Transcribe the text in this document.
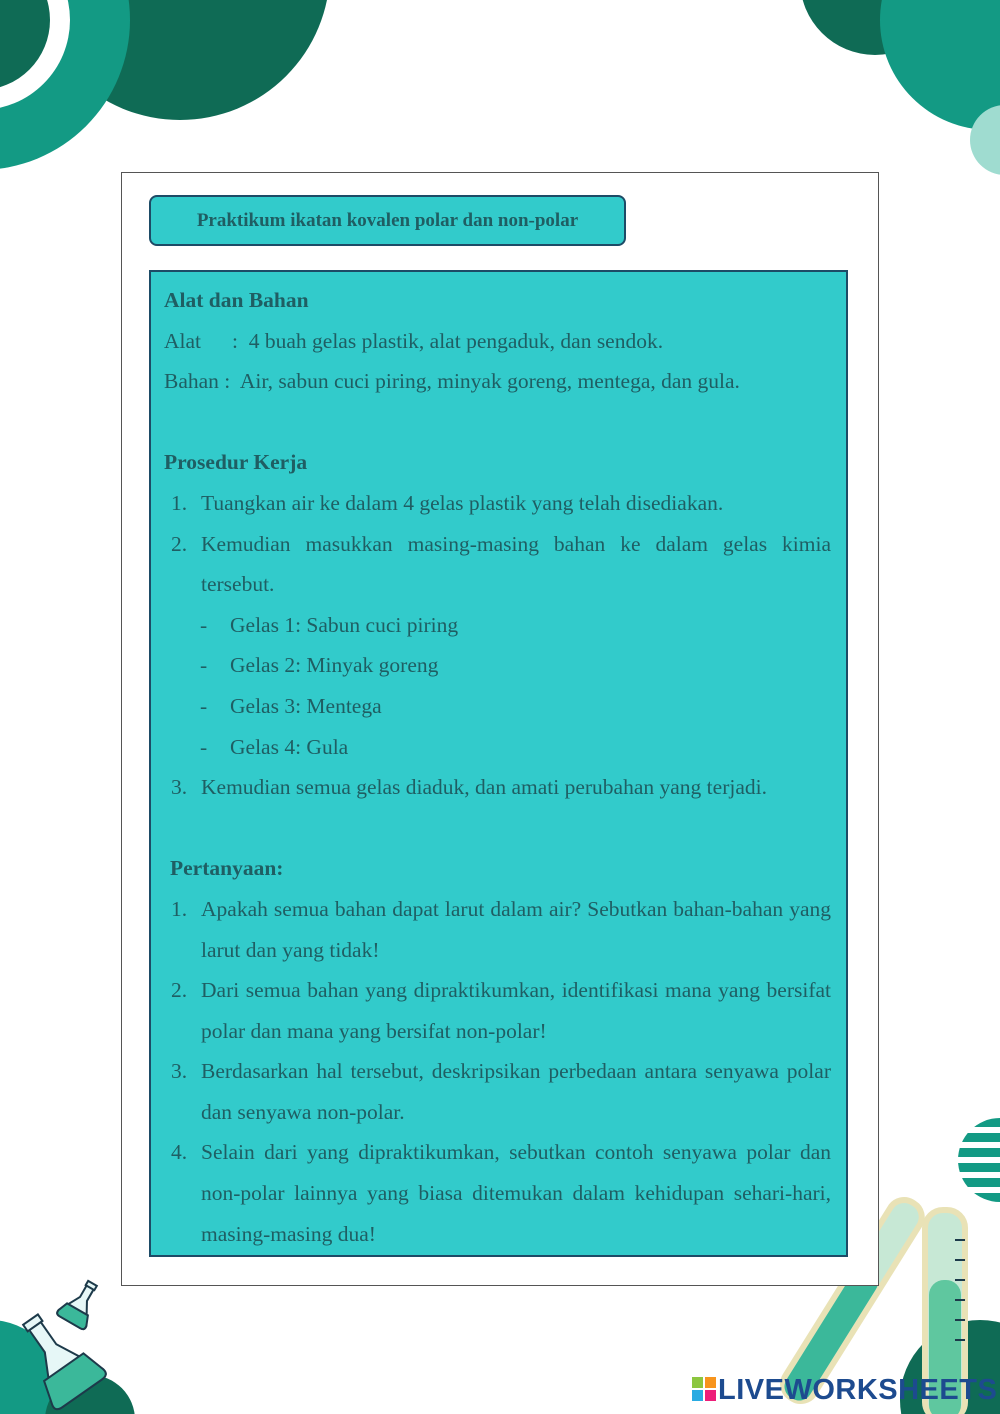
Praktikum ikatan kovalen polar dan non-polar

Alat dan Bahan

Alat : 4 buah gelas plastik, alat pengaduk, dan sendok.

Bahan : Air, sabun cuci piring, minyak goreng, mentega, dan gula.

Prosedur Kerja

1. Tuangkan air ke dalam 4 gelas plastik yang telah disediakan.
2. Kemudian masukkan masing-masing bahan ke dalam gelas kimia tersebut.
-	Gelas 1: Sabun cuci piring
-	Gelas 2: Minyak goreng
-	Gelas 3: Mentega
-	Gelas 4: Gula
3. Kemudian semua gelas diaduk, dan amati perubahan yang terjadi.

Pertanyaan:

1. Apakah semua bahan dapat larut dalam air? Sebutkan bahan-bahan yang larut dan yang tidak!
2. Dari semua bahan yang dipraktikumkan, identifikasi mana yang bersifat polar dan mana yang bersifat non-polar!
3. Berdasarkan hal tersebut, deskripsikan perbedaan antara senyawa polar dan senyawa non-polar.
4. Selain dari yang dipraktikumkan, sebutkan contoh senyawa polar dan non-polar lainnya yang biasa ditemukan dalam kehidupan sehari-hari, masing-masing dua!
LIVEWORKSHEETS
